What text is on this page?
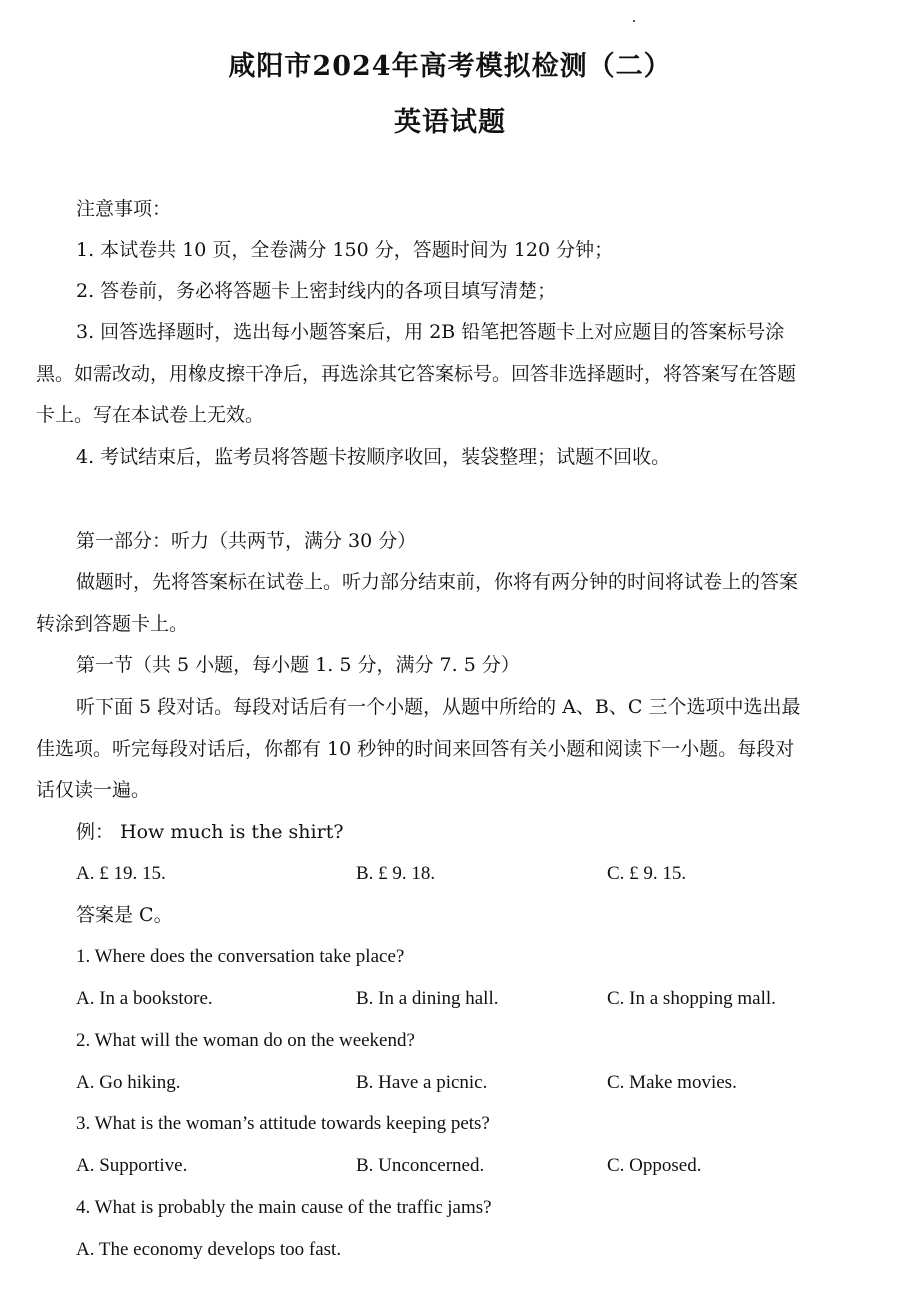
咸阳市2024年高考模拟检测（二）
英语试题
注意事项：
1. 本试卷共 10 页，全卷满分 150 分，答题时间为 120 分钟；
2. 答卷前，务必将答题卡上密封线内的各项目填写清楚；
3. 回答选择题时，选出每小题答案后，用 2B 铅笔把答题卡上对应题目的答案标号涂
黑。如需改动，用橡皮擦干净后，再选涂其它答案标号。回答非选择题时，将答案写在答题
卡上。写在本试卷上无效。
4. 考试结束后，监考员将答题卡按顺序收回，装袋整理；试题不回收。
第一部分：听力（共两节，满分 30 分）
做题时，先将答案标在试卷上。听力部分结束前，你将有两分钟的时间将试卷上的答案
转涂到答题卡上。
第一节（共 5 小题，每小题 1. 5 分，满分 7. 5 分）
听下面 5 段对话。每段对话后有一个小题，从题中所给的 A、B、C 三个选项中选出最
佳选项。听完每段对话后，你都有 10 秒钟的时间来回答有关小题和阅读下一小题。每段对
话仅读一遍。
例： How much is the shirt?
A. £ 19. 15.	B. £ 9. 18.	C. £ 9. 15.
答案是 C。
1. Where does the conversation take place?
A. In a bookstore.	B. In a dining hall.	C. In a shopping mall.
2. What will the woman do on the weekend?
A. Go hiking.	B. Have a picnic.	C. Make movies.
3. What is the woman’s attitude towards keeping pets?
A. Supportive.	B. Unconcerned.	C. Opposed.
4. What is probably the main cause of the traffic jams?
A. The economy develops too fast.
